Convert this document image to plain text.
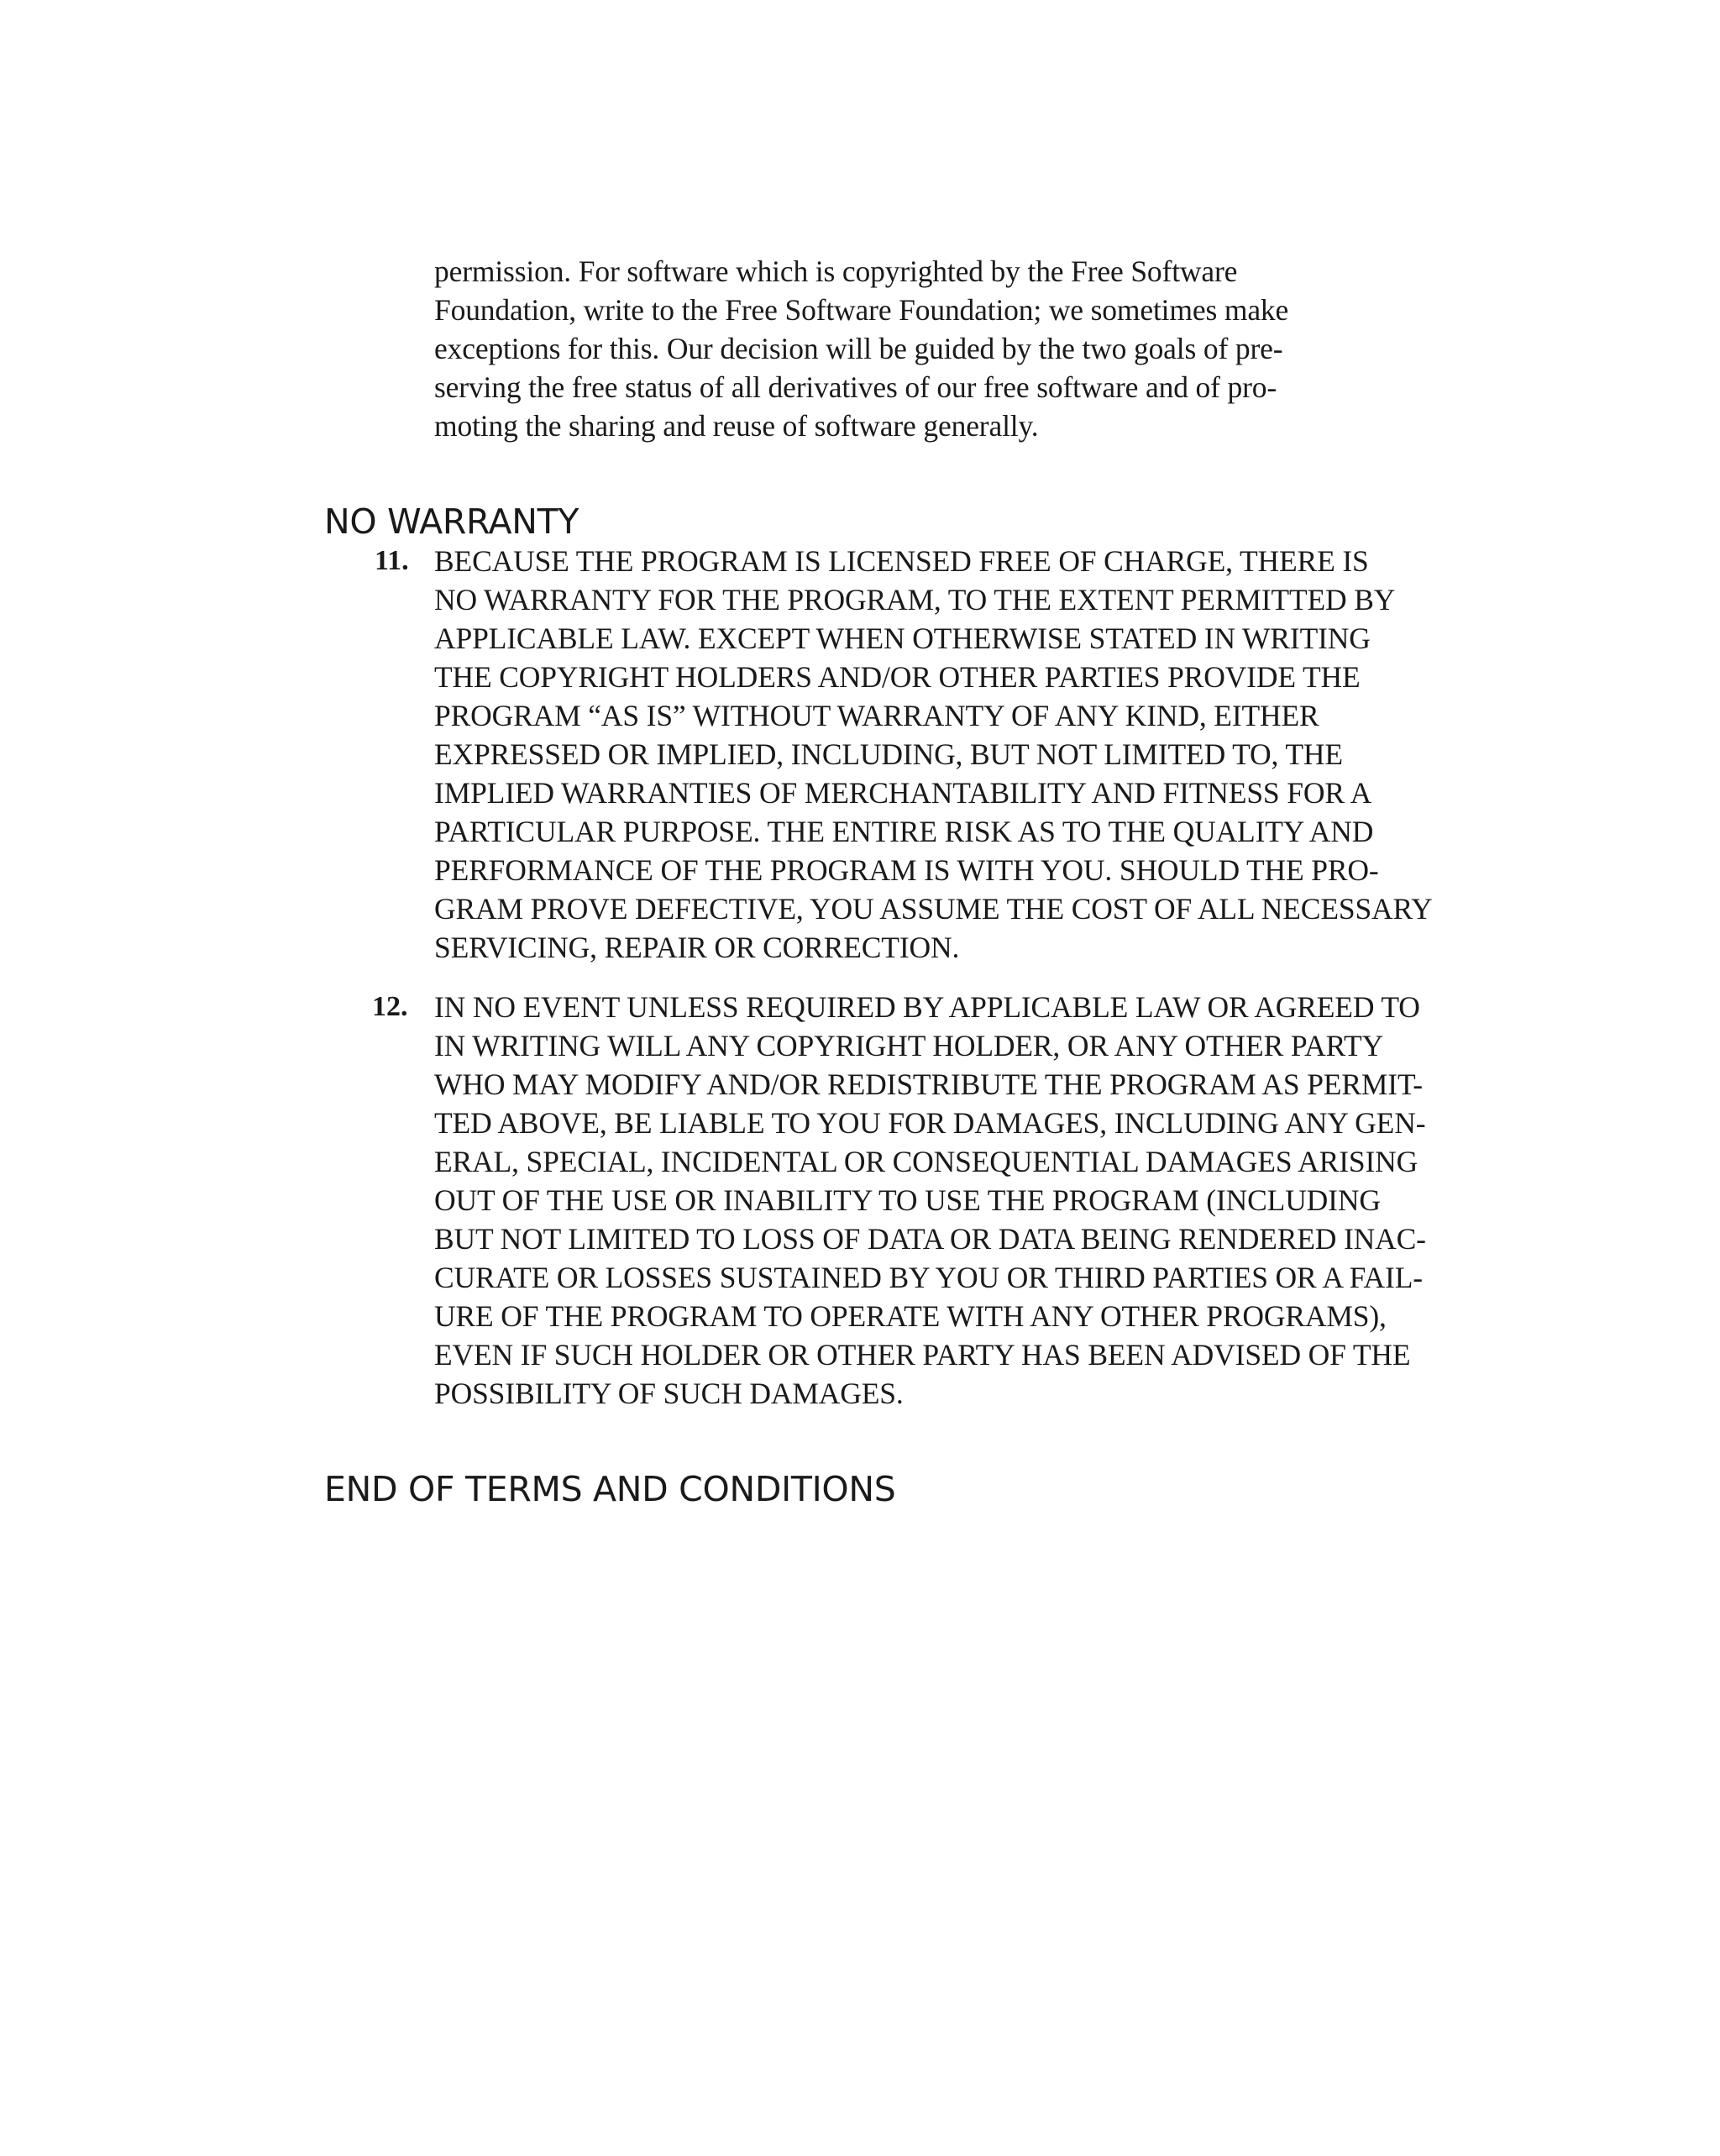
permission. For software which is copyrighted by the Free Software
Foundation, write to the Free Software Foundation; we sometimes make
exceptions for this. Our decision will be guided by the two goals of pre-
serving the free status of all derivatives of our free software and of pro-
moting the sharing and reuse of software generally.
NO WARRANTY
11. BECAUSE THE PROGRAM IS LICENSED FREE OF CHARGE, THERE IS
NO WARRANTY FOR THE PROGRAM, TO THE EXTENT PERMITTED BY
APPLICABLE LAW. EXCEPT WHEN OTHERWISE STATED IN WRITING
THE COPYRIGHT HOLDERS AND/OR OTHER PARTIES PROVIDE THE
PROGRAM “AS IS” WITHOUT WARRANTY OF ANY KIND, EITHER
EXPRESSED OR IMPLIED, INCLUDING, BUT NOT LIMITED TO, THE
IMPLIED WARRANTIES OF MERCHANTABILITY AND FITNESS FOR A
PARTICULAR PURPOSE. THE ENTIRE RISK AS TO THE QUALITY AND
PERFORMANCE OF THE PROGRAM IS WITH YOU. SHOULD THE PRO-
GRAM PROVE DEFECTIVE, YOU ASSUME THE COST OF ALL NECESSARY
SERVICING, REPAIR OR CORRECTION.
12. IN NO EVENT UNLESS REQUIRED BY APPLICABLE LAW OR AGREED TO
IN WRITING WILL ANY COPYRIGHT HOLDER, OR ANY OTHER PARTY
WHO MAY MODIFY AND/OR REDISTRIBUTE THE PROGRAM AS PERMIT-
TED ABOVE, BE LIABLE TO YOU FOR DAMAGES, INCLUDING ANY GEN-
ERAL, SPECIAL, INCIDENTAL OR CONSEQUENTIAL DAMAGES ARISING
OUT OF THE USE OR INABILITY TO USE THE PROGRAM (INCLUDING
BUT NOT LIMITED TO LOSS OF DATA OR DATA BEING RENDERED INAC-
CURATE OR LOSSES SUSTAINED BY YOU OR THIRD PARTIES OR A FAIL-
URE OF THE PROGRAM TO OPERATE WITH ANY OTHER PROGRAMS),
EVEN IF SUCH HOLDER OR OTHER PARTY HAS BEEN ADVISED OF THE
POSSIBILITY OF SUCH DAMAGES.
END OF TERMS AND CONDITIONS
